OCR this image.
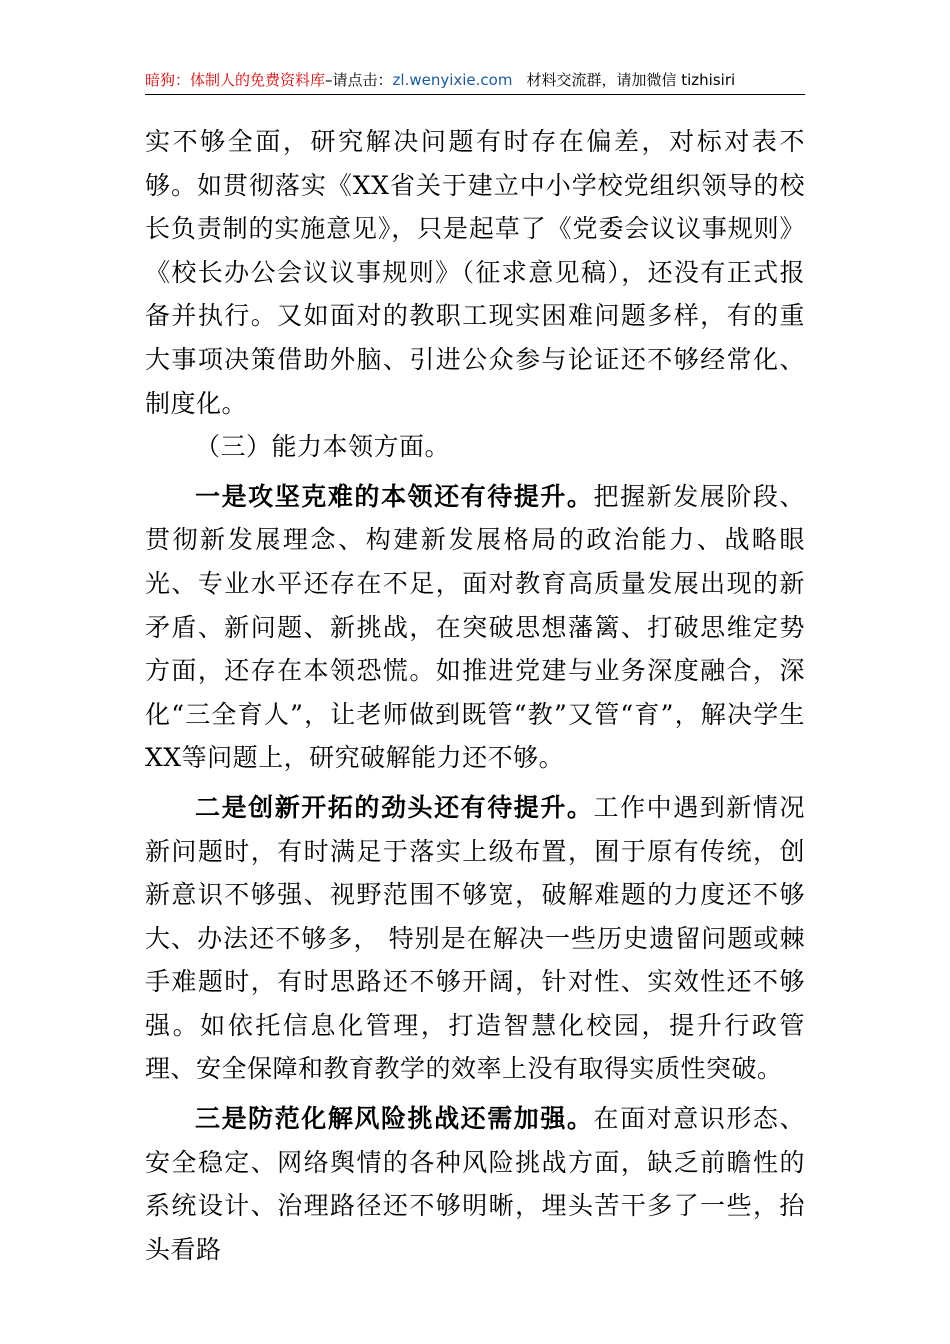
暗狗：体制人的免费资料库–请点击：zl.wenyixie.com 材料交流群，请加微信 tizhisiri

实不够全面，研究解决问题有时存在偏差，对标对表不够。如贯彻落实《XX省关于建立中小学校党组织领导的校长负责制的实施意见》，只是起草了《党委会议议事规则》《校长办公会议议事规则》（征求意见稿），还没有正式报备并执行。又如面对的教职工现实困难问题多样，有的重大事项决策借助外脑、引进公众参与论证还不够经常化、制度化。

（三）能力本领方面。

一是攻坚克难的本领还有待提升。把握新发展阶段、贯彻新发展理念、构建新发展格局的政治能力、战略眼光、专业水平还存在不足，面对教育高质量发展出现的新矛盾、新问题、新挑战，在突破思想藩篱、打破思维定势方面，还存在本领恐慌。如推进党建与业务深度融合，深化“三全育人”，让老师做到既管“教”又管“育”，解决学生XX等问题上，研究破解能力还不够。

二是创新开拓的劲头还有待提升。工作中遇到新情况新问题时，有时满足于落实上级布置，囿于原有传统，创新意识不够强、视野范围不够宽，破解难题的力度还不够大、办法还不够多， 特别是在解决一些历史遗留问题或棘手难题时，有时思路还不够开阔，针对性、实效性还不够强。如依托信息化管理，打造智慧化校园，提升行政管理、安全保障和教育教学的效率上没有取得实质性突破。

三是防范化解风险挑战还需加强。在面对意识形态、安全稳定、网络舆情的各种风险挑战方面，缺乏前瞻性的系统设计、治理路径还不够明晰，埋头苦干多了一些，抬头看路
